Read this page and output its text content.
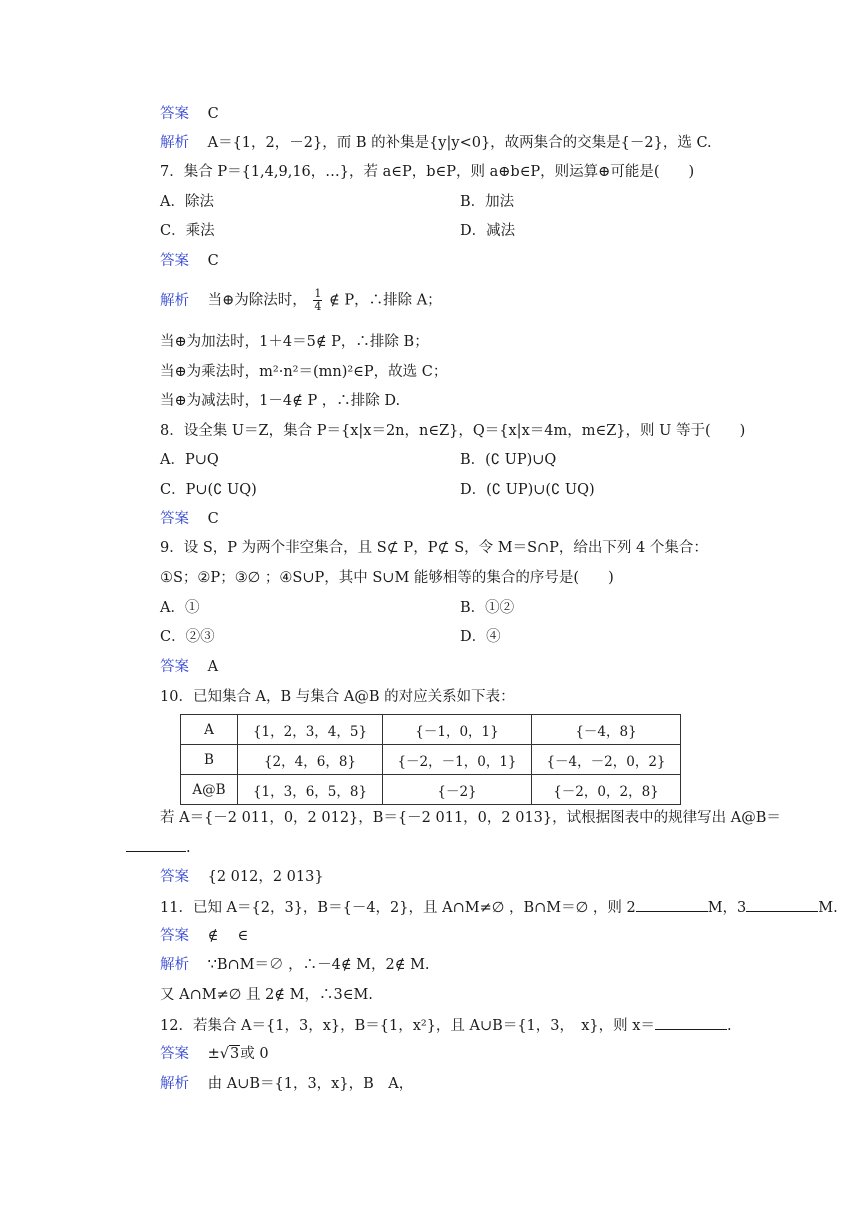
答案 C
解析 A＝{1，2，－2}，而 B 的补集是{y|y<0}，故两集合的交集是{－2}，选 C.
7．集合 P＝{1,4,9,16，…}，若 a∈P，b∈P，则 a⊕b∈P，则运算⊕可能是(　　)
A．除法	B．加法
C．乘法	D．减法
答案 C
解析 当⊕为除法时， $\frac{1}{4}$ ∉ P，∴排除 A；
当⊕为加法时，1＋4＝5∉ P，∴排除 B；
当⊕为乘法时，m²·n²＝(mn)²∈P，故选 C；
当⊕为减法时，1－4∉ P ，∴排除 D.
8．设全集 U＝Z，集合 P＝{x|x＝2n，n∈Z}，Q＝{x|x＝4m，m∈Z}，则 U 等于(　　)
A．P∪Q	B．(∁ UP)∪Q
C．P∪(∁ UQ)	D．(∁ UP)∪(∁ UQ)
答案 C
9．设 S，P 为两个非空集合，且 S⊄ P，P⊄ S，令 M＝S∩P，给出下列 4 个集合：
①S；②P；③∅ ；④S∪P，其中 S∪M 能够相等的集合的序号是(　　)
A．①	B．①②
C．②③	D．④
答案 A
10．已知集合 A，B 与集合 A@B 的对应关系如下表：
A	{1，2，3，4，5}	{－1，0，1}	{－4，8}
B	{2，4，6，8}	{－2，－1，0，1}	{－4，－2，0，2}
A@B	{1，3，6，5，8}	{－2}	{－2，0，2，8}
若 A＝{－2 011，0，2 012}，B＝{－2 011，0，2 013}，试根据图表中的规律写出 A@B＝
.
答案 {2 012，2 013}
11．已知 A＝{2，3}，B＝{－4，2}，且 A∩M≠∅ ，B∩M＝∅ ，则 2	M，3	M.
答案 ∉　 ∈
解析 ∵B∩M＝∅ ，∴－4∉ M，2∉ M.
又 A∩M≠∅ 且 2∉ M，∴3∈M.
12．若集合 A＝{1，3，x}，B＝{1，x²}，且 A∪B＝{1，3，　x}，则 x＝	.
答案 ±√3或 0
解析 由 A∪B＝{1，3，x}，B　A，
